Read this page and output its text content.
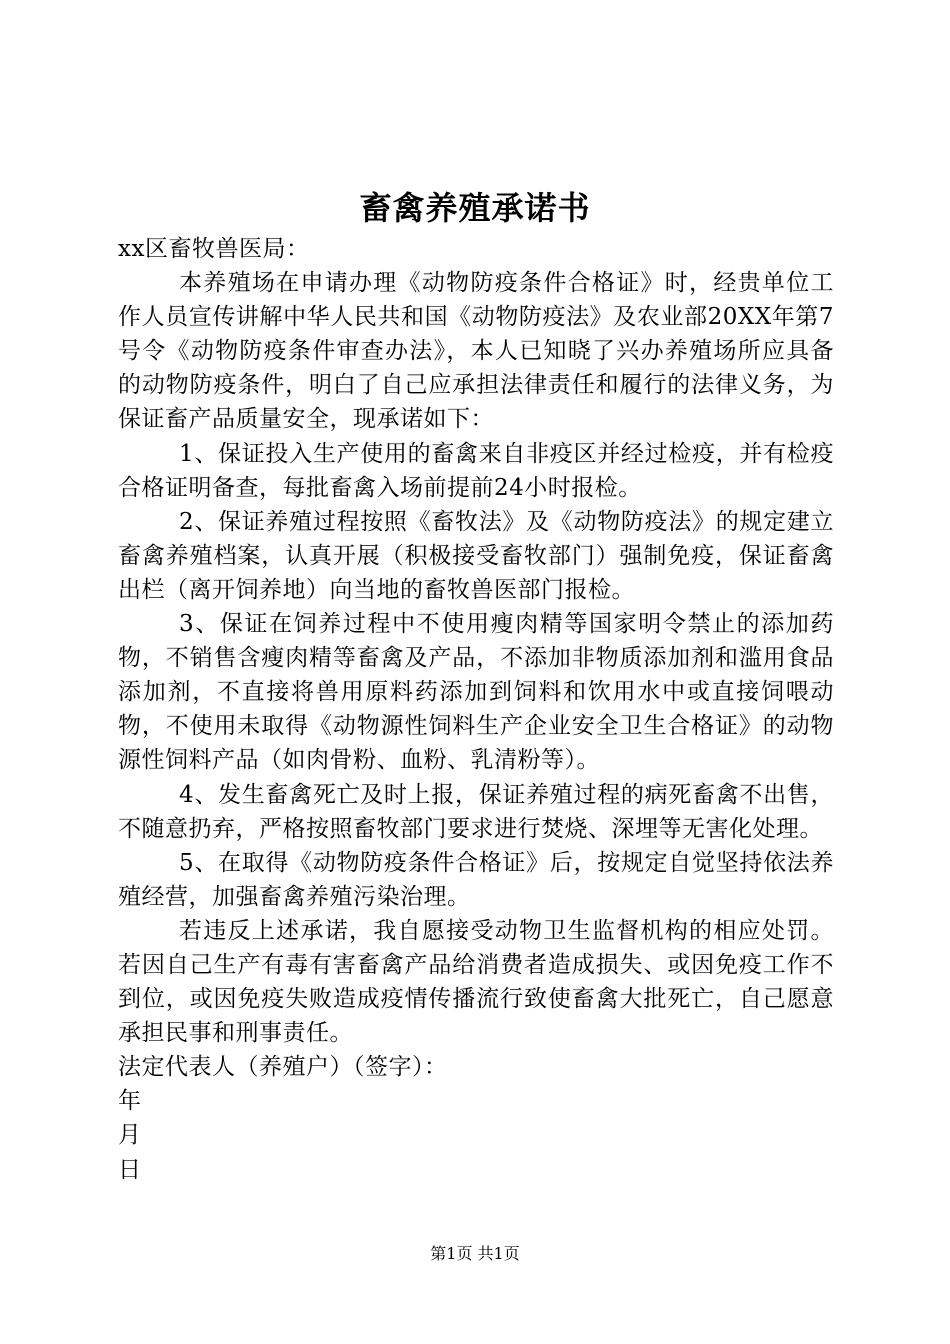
畜禽养殖承诺书

xx区畜牧兽医局：

本养殖场在申请办理《动物防疫条件合格证》时，经贵单位工作人员宣传讲解中华人民共和国《动物防疫法》及农业部20XX年第7号令《动物防疫条件审查办法》，本人已知晓了兴办养殖场所应具备的动物防疫条件，明白了自己应承担法律责任和履行的法律义务，为保证畜产品质量安全，现承诺如下：

1、保证投入生产使用的畜禽来自非疫区并经过检疫，并有检疫合格证明备查，每批畜禽入场前提前24小时报检。

2、保证养殖过程按照《畜牧法》及《动物防疫法》的规定建立畜禽养殖档案，认真开展（积极接受畜牧部门）强制免疫，保证畜禽出栏（离开饲养地）向当地的畜牧兽医部门报检。

3、保证在饲养过程中不使用瘦肉精等国家明令禁止的添加药物，不销售含瘦肉精等畜禽及产品，不添加非物质添加剂和滥用食品添加剂，不直接将兽用原料药添加到饲料和饮用水中或直接饲喂动物，不使用未取得《动物源性饲料生产企业安全卫生合格证》的动物源性饲料产品（如肉骨粉、血粉、乳清粉等）。

4、发生畜禽死亡及时上报，保证养殖过程的病死畜禽不出售，不随意扔弃，严格按照畜牧部门要求进行焚烧、深埋等无害化处理。

5、在取得《动物防疫条件合格证》后，按规定自觉坚持依法养殖经营，加强畜禽养殖污染治理。

若违反上述承诺，我自愿接受动物卫生监督机构的相应处罚。若因自己生产有毒有害畜禽产品给消费者造成损失、或因免疫工作不到位，或因免疫失败造成疫情传播流行致使畜禽大批死亡，自己愿意承担民事和刑事责任。

法定代表人（养殖户）（签字）：

年

月

日

第1页 共1页
